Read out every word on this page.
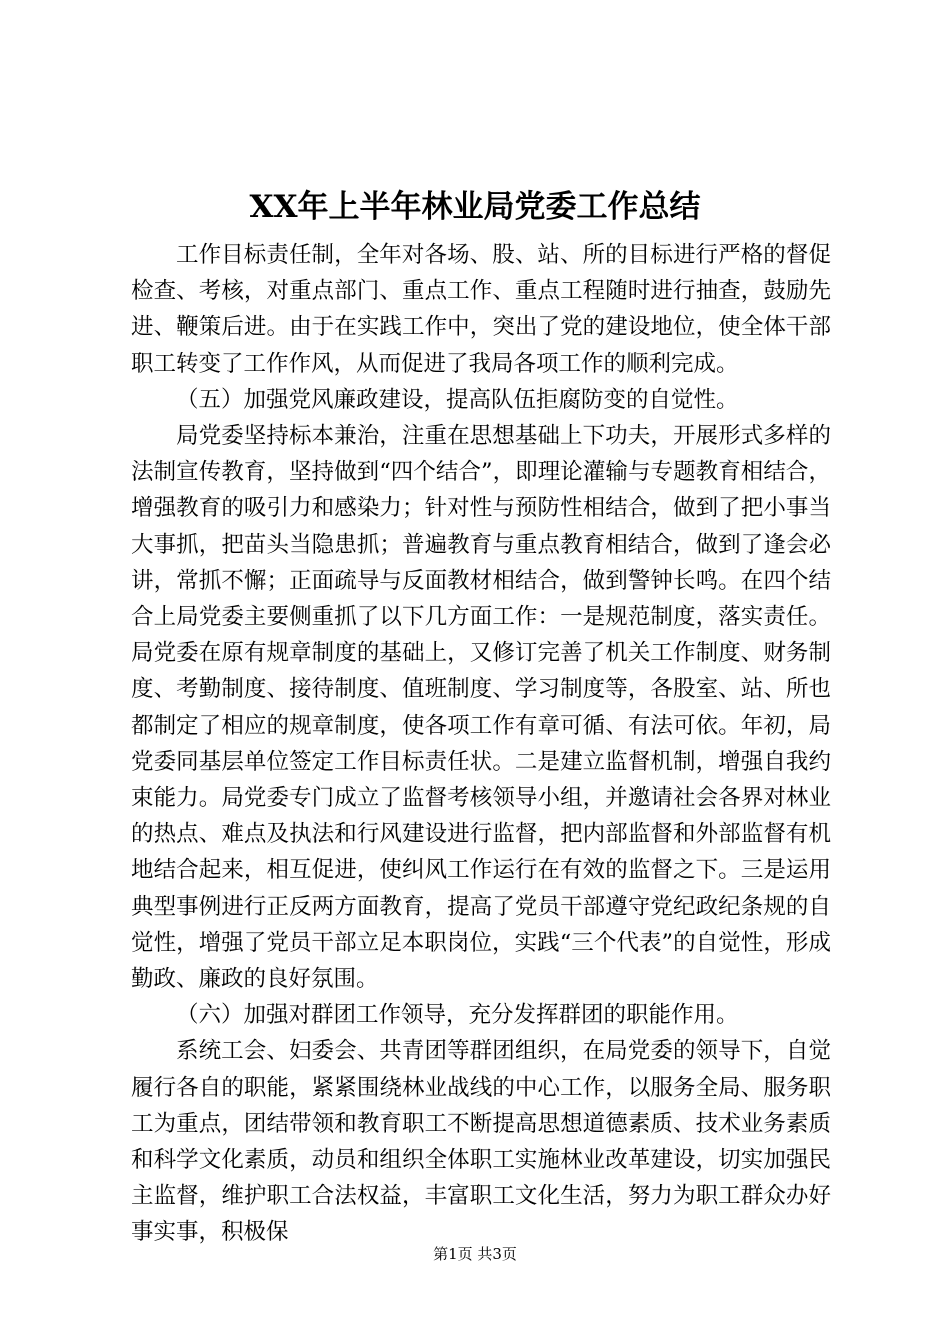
XX年上半年林业局党委工作总结

工作目标责任制，全年对各场、股、站、所的目标进行严格的督促检查、考核，对重点部门、重点工作、重点工程随时进行抽查，鼓励先进、鞭策后进。由于在实践工作中，突出了党的建设地位，使全体干部职工转变了工作作风，从而促进了我局各项工作的顺利完成。

（五）加强党风廉政建设，提高队伍拒腐防变的自觉性。

局党委坚持标本兼治，注重在思想基础上下功夫，开展形式多样的法制宣传教育，坚持做到“四个结合”，即理论灌输与专题教育相结合，增强教育的吸引力和感染力；针对性与预防性相结合，做到了把小事当大事抓，把苗头当隐患抓；普遍教育与重点教育相结合，做到了逢会必讲，常抓不懈；正面疏导与反面教材相结合，做到警钟长鸣。在四个结合上局党委主要侧重抓了以下几方面工作：一是规范制度，落实责任。局党委在原有规章制度的基础上，又修订完善了机关工作制度、财务制度、考勤制度、接待制度、值班制度、学习制度等，各股室、站、所也都制定了相应的规章制度，使各项工作有章可循、有法可依。年初，局党委同基层单位签定工作目标责任状。二是建立监督机制，增强自我约束能力。局党委专门成立了监督考核领导小组，并邀请社会各界对林业的热点、难点及执法和行风建设进行监督，把内部监督和外部监督有机地结合起来，相互促进，使纠风工作运行在有效的监督之下。三是运用典型事例进行正反两方面教育，提高了党员干部遵守党纪政纪条规的自觉性，增强了党员干部立足本职岗位，实践“三个代表”的自觉性，形成勤政、廉政的良好氛围。

（六）加强对群团工作领导，充分发挥群团的职能作用。

系统工会、妇委会、共青团等群团组织，在局党委的领导下，自觉履行各自的职能，紧紧围绕林业战线的中心工作，以服务全局、服务职工为重点，团结带领和教育职工不断提高思想道德素质、技术业务素质和科学文化素质，动员和组织全体职工实施林业改革建设，切实加强民主监督，维护职工合法权益，丰富职工文化生活，努力为职工群众办好事实事，积极保

第1页 共3页
